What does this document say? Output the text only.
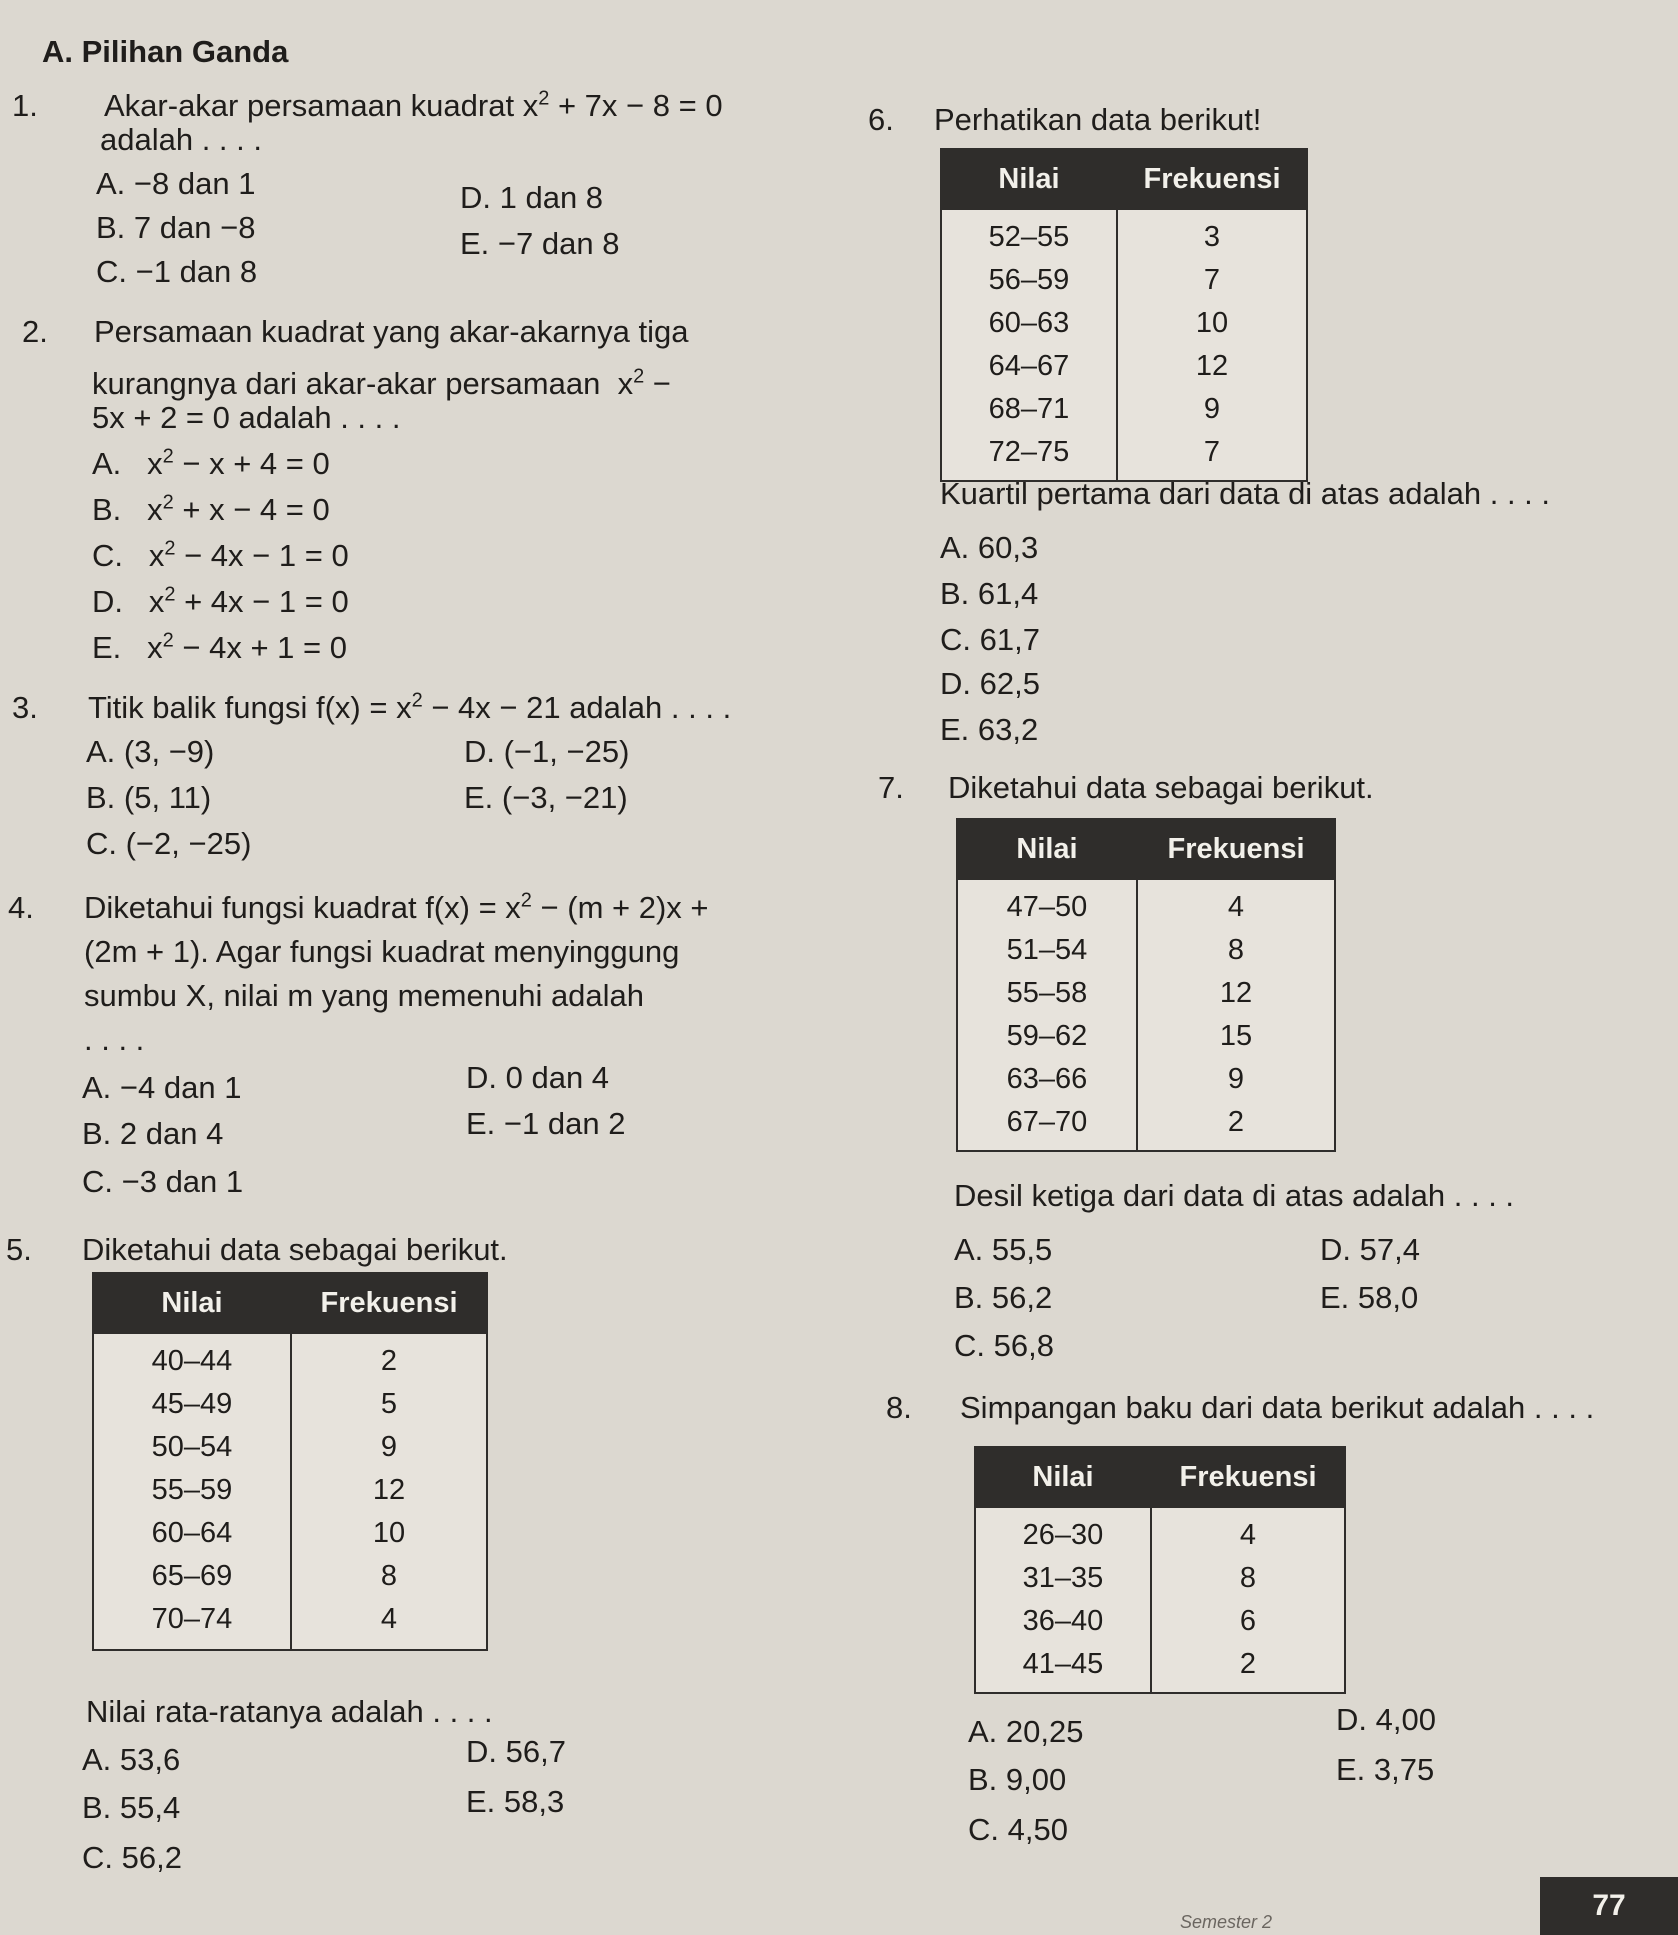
A. Pilihan Ganda
1. Akar-akar persamaan kuadrat $x^2 + 7x - 8 = 0$
adalah . . . .
A. −8 dan 1
B. 7 dan −8
C. −1 dan 8
D. 1 dan 8
E. −7 dan 8
2. Persamaan kuadrat yang akar-akarnya tiga
kurangnya dari akar-akar persamaan $x^2$ −
5x + 2 = 0 adalah . . . .
A. $x^2 - x + 4 = 0$
B. $x^2 + x - 4 = 0$
C. $x^2 - 4x - 1 = 0$
D. $x^2 + 4x - 1 = 0$
E. $x^2 - 4x + 1 = 0$
3. Titik balik fungsi $f(x) = x^2 - 4x - 21$ adalah . . . .
A. (3, −9)
B. (5, 11)
C. (−2, −25)
D. (−1, −25)
E. (−3, −21)
4. Diketahui fungsi kuadrat $f(x) = x^2 - (m + 2)x$ +
(2m + 1). Agar fungsi kuadrat menyinggung
sumbu X, nilai m yang memenuhi adalah
. . . .
A. −4 dan 1
B. 2 dan 4
C. −3 dan 1
D. 0 dan 4
E. −1 dan 2
5. Diketahui data sebagai berikut.
Nilai	Frekuensi
40–44	2
45–49	5
50–54	9
55–59	12
60–64	10
65–69	8
70–74	4
Nilai rata-ratanya adalah . . . .
A. 53,6
B. 55,4
C. 56,2
D. 56,7
E. 58,3
6. Perhatikan data berikut!
Nilai	Frekuensi
52–55	3
56–59	7
60–63	10
64–67	12
68–71	9
72–75	7
Kuartil pertama dari data di atas adalah . . . .
A. 60,3
B. 61,4
C. 61,7
D. 62,5
E. 63,2
7. Diketahui data sebagai berikut.
Nilai	Frekuensi
47–50	4
51–54	8
55–58	12
59–62	15
63–66	9
67–70	2
Desil ketiga dari data di atas adalah . . . .
A. 55,5
B. 56,2
C. 56,8
D. 57,4
E. 58,0
8. Simpangan baku dari data berikut adalah . . . .
Nilai	Frekuensi
26–30	4
31–35	8
36–40	6
41–45	2
A. 20,25
B. 9,00
C. 4,50
D. 4,00
E. 3,75
Semester 2	77
